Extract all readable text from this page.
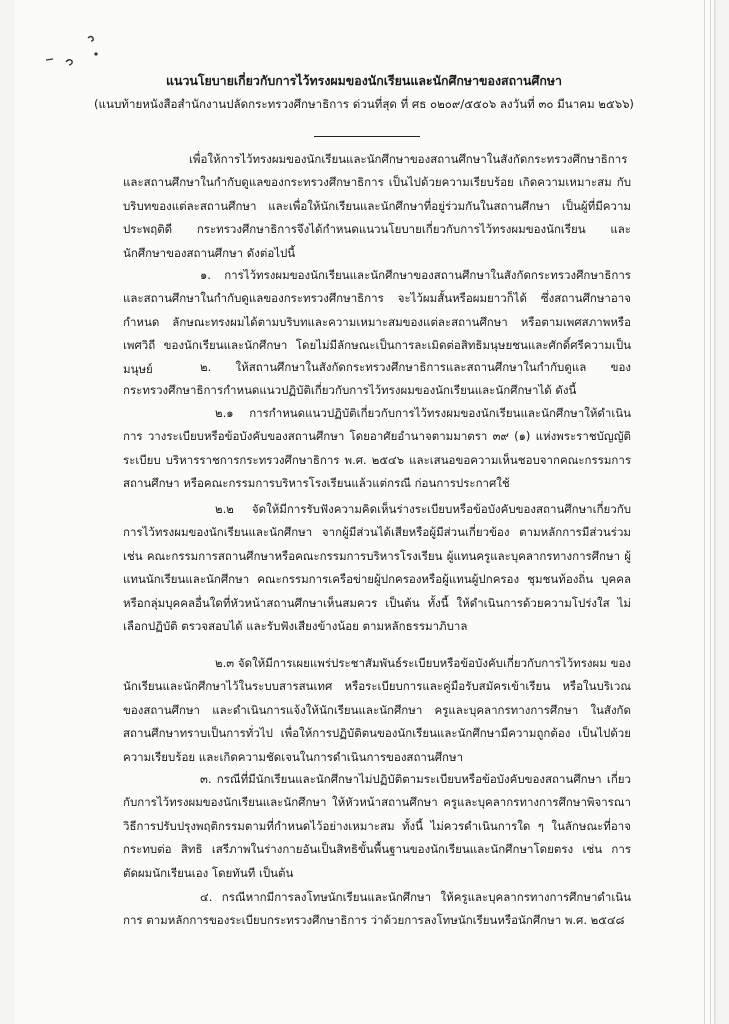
แนวนโยบายเกี่ยวกับการไว้ทรงผมของนักเรียนและนักศึกษาของสถานศึกษา
(แนบท้ายหนังสือสำนักงานปลัดกระทรวงศึกษาธิการ ด่วนที่สุด ที่ ศธ ๐๒๐๙/๕๕๐๖ ลงวันที่ ๓๐ มีนาคม ๒๕๖๖)
เพื่อให้การไว้ทรงผมของนักเรียนและนักศึกษาของสถานศึกษาในสังกัดกระทรวงศึกษาธิการ และสถานศึกษาในกำกับดูแลของกระทรวงศึกษาธิการ เป็นไปด้วยความเรียบร้อย เกิดความเหมาะสม กับบริบทของแต่ละสถานศึกษา และเพื่อให้นักเรียนและนักศึกษาที่อยู่ร่วมกันในสถานศึกษา เป็นผู้ที่มีความประพฤติดี กระทรวงศึกษาธิการจึงได้กำหนดแนวนโยบายเกี่ยวกับการไว้ทรงผมของนักเรียน และนักศึกษาของสถานศึกษา ดังต่อไปนี้
๑. การไว้ทรงผมของนักเรียนและนักศึกษาของสถานศึกษาในสังกัดกระทรวงศึกษาธิการ และสถานศึกษาในกำกับดูแลของกระทรวงศึกษาธิการ จะไว้ผมสั้นหรือผมยาวก็ได้ ซึ่งสถานศึกษาอาจกำหนด ลักษณะทรงผมได้ตามบริบทและความเหมาะสมของแต่ละสถานศึกษา หรือตามเพศสภาพหรือเพศวิถี ของนักเรียนและนักศึกษา โดยไม่มีลักษณะเป็นการละเมิดต่อสิทธิมนุษยชนและศักดิ์ศรีความเป็นมนุษย์	๒. ให้สถานศึกษาในสังกัดกระทรวงศึกษาธิการและสถานศึกษาในกำกับดูแล ของกระทรวงศึกษาธิการกำหนดแนวปฏิบัติเกี่ยวกับการไว้ทรงผมของนักเรียนและนักศึกษาได้ ดังนี้
๒.๑ การกำหนดแนวปฏิบัติเกี่ยวกับการไว้ทรงผมของนักเรียนและนักศึกษาให้ดำเนินการ วางระเบียบหรือข้อบังคับของสถานศึกษา โดยอาศัยอำนาจตามมาตรา ๓๙ (๑) แห่งพระราชบัญญัติระเบียบ บริหารราชการกระทรวงศึกษาธิการ พ.ศ. ๒๕๔๖ และเสนอขอความเห็นชอบจากคณะกรรมการสถานศึกษา หรือคณะกรรมการบริหารโรงเรียนแล้วแต่กรณี ก่อนการประกาศใช้
๒.๒ จัดให้มีการรับฟังความคิดเห็นร่างระเบียบหรือข้อบังคับของสถานศึกษาเกี่ยวกับ การไว้ทรงผมของนักเรียนและนักศึกษา จากผู้มีส่วนได้เสียหรือผู้มีส่วนเกี่ยวข้อง ตามหลักการมีส่วนร่วม เช่น คณะกรรมการสถานศึกษาหรือคณะกรรมการบริหารโรงเรียน ผู้แทนครูและบุคลากรทางการศึกษา ผู้แทนนักเรียนและนักศึกษา คณะกรรมการเครือข่ายผู้ปกครองหรือผู้แทนผู้ปกครอง ชุมชนท้องถิ่น บุคคล หรือกลุ่มบุคคลอื่นใดที่หัวหน้าสถานศึกษาเห็นสมควร เป็นต้น ทั้งนี้ ให้ดำเนินการด้วยความโปร่งใส ไม่เลือกปฏิบัติ ตรวจสอบได้ และรับฟังเสียงข้างน้อย ตามหลักธรรมาภิบาล
๒.๓ จัดให้มีการเผยแพร่ประชาสัมพันธ์ระเบียบหรือข้อบังคับเกี่ยวกับการไว้ทรงผม ของนักเรียนและนักศึกษาไว้ในระบบสารสนเทศ หรือระเบียบการและคู่มือรับสมัครเข้าเรียน หรือในบริเวณ ของสถานศึกษา และดำเนินการแจ้งให้นักเรียนและนักศึกษา ครูและบุคลากรทางการศึกษา ในสังกัดสถานศึกษาทราบเป็นการทั่วไป เพื่อให้การปฏิบัติตนของนักเรียนและนักศึกษามีความถูกต้อง เป็นไปด้วยความเรียบร้อย และเกิดความชัดเจนในการดำเนินการของสถานศึกษา
๓. กรณีที่มีนักเรียนและนักศึกษาไม่ปฏิบัติตามระเบียบหรือข้อบังคับของสถานศึกษา เกี่ยวกับการไว้ทรงผมของนักเรียนและนักศึกษา ให้หัวหน้าสถานศึกษา ครูและบุคลากรทางการศึกษาพิจารณา วิธีการปรับปรุงพฤติกรรมตามที่กำหนดไว้อย่างเหมาะสม ทั้งนี้ ไม่ควรดำเนินการใด ๆ ในลักษณะที่อาจกระทบต่อ สิทธิ เสรีภาพในร่างกายอันเป็นสิทธิขั้นพื้นฐานของนักเรียนและนักศึกษาโดยตรง เช่น การตัดผมนักเรียนเอง โดยทันที เป็นต้น
๔. กรณีหากมีการลงโทษนักเรียนและนักศึกษา ให้ครูและบุคลากรทางการศึกษาดำเนินการ ตามหลักการของระเบียบกระทรวงศึกษาธิการ ว่าด้วยการลงโทษนักเรียนหรือนักศึกษา พ.ศ. ๒๕๔๘
